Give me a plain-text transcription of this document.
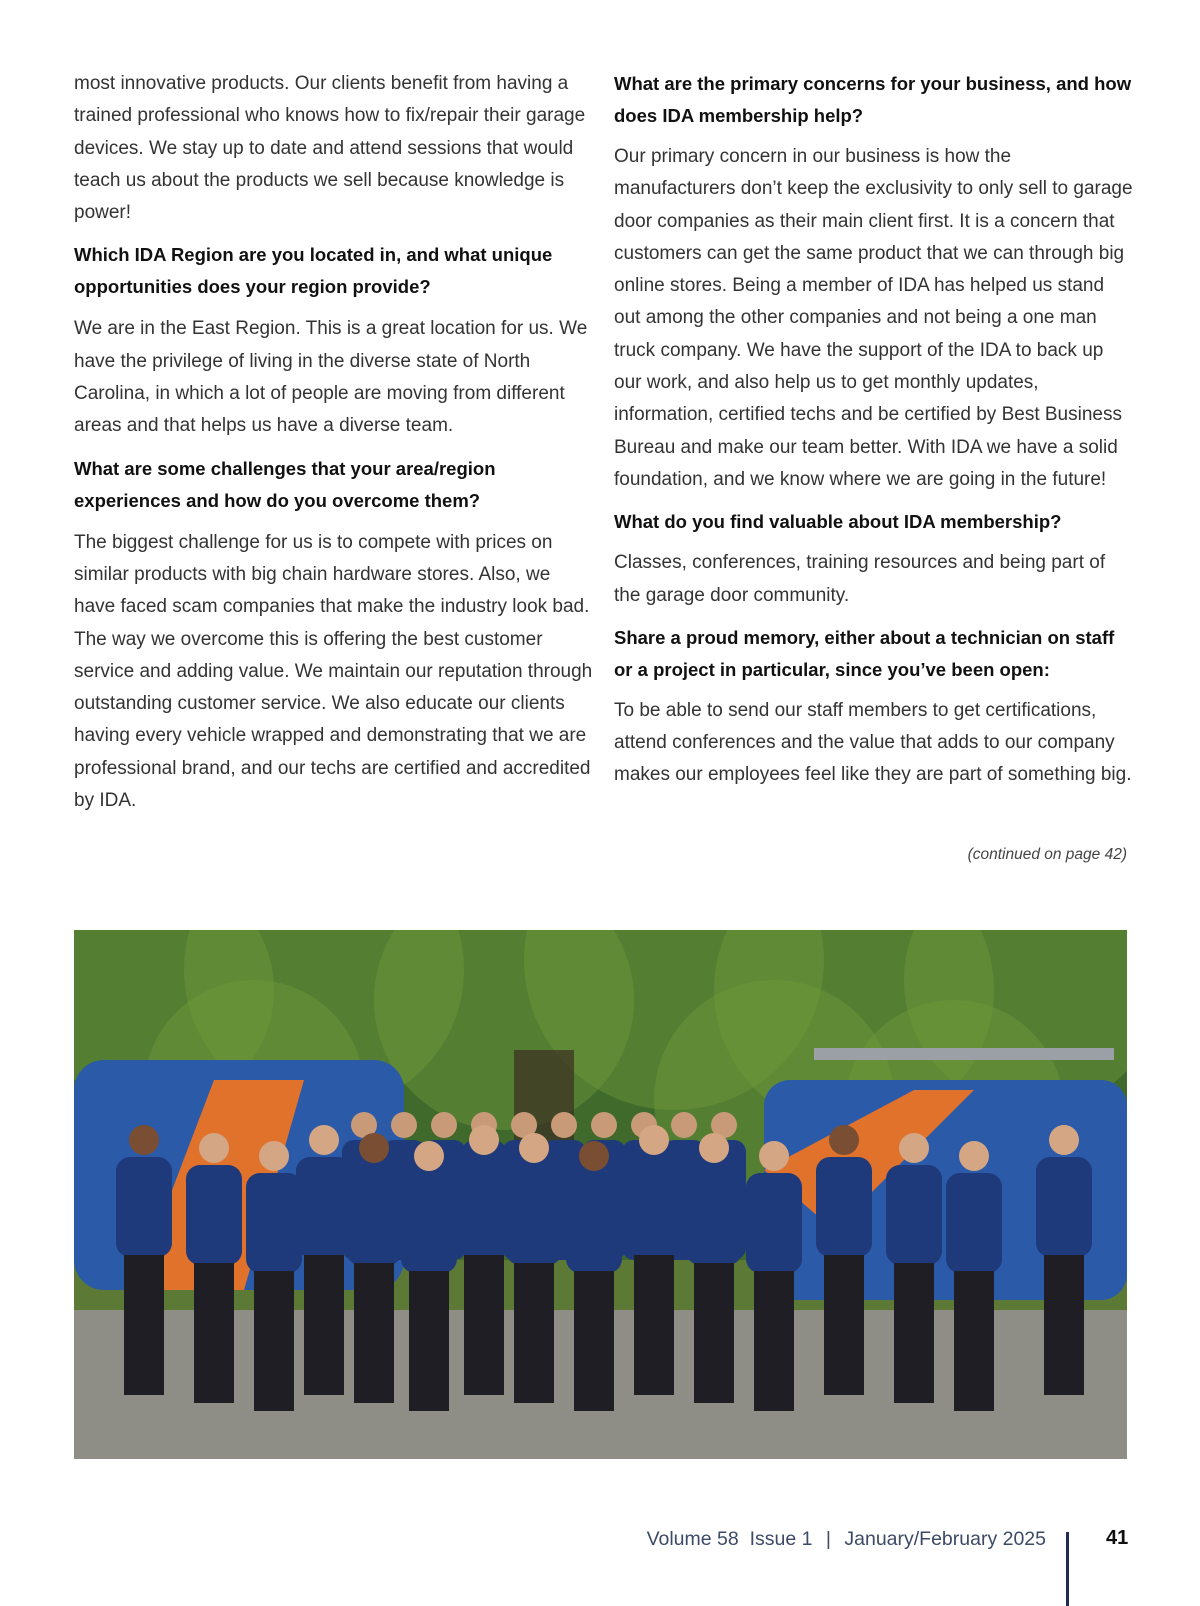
most innovative products. Our clients benefit from having a trained professional who knows how to fix/repair their garage devices. We stay up to date and attend sessions that would teach us about the products we sell because knowledge is power!

Which IDA Region are you located in, and what unique opportunities does your region provide?

We are in the East Region. This is a great location for us. We have the privilege of living in the diverse state of North Carolina, in which a lot of people are moving from different areas and that helps us have a diverse team.

What are some challenges that your area/region experiences and how do you overcome them?

The biggest challenge for us is to compete with prices on similar products with big chain hardware stores. Also, we have faced scam companies that make the industry look bad. The way we overcome this is offering the best customer service and adding value. We maintain our reputation through outstanding customer service. We also educate our clients having every vehicle wrapped and demonstrating that we are professional brand, and our techs are certified and accredited by IDA.

What are the primary concerns for your business, and how does IDA membership help?

Our primary concern in our business is how the manufacturers don’t keep the exclusivity to only sell to garage door companies as their main client first. It is a concern that customers can get the same product that we can through big online stores. Being a member of IDA has helped us stand out among the other companies and not being a one man truck company. We have the support of the IDA to back up our work, and also help us to get monthly updates, information, certified techs and be certified by Best Business Bureau and make our team better. With IDA we have a solid foundation, and we know where we are going in the future!

What do you find valuable about IDA membership?

Classes, conferences, training resources and being part of the garage door community.

Share a proud memory, either about a technician on staff or a project in particular, since you’ve been open:

To be able to send our staff members to get certifications, attend conferences and the value that adds to our company makes our employees feel like they are part of something big.

(continued on page 42)
Volume 58 Issue 1 | January/February 2025	41
